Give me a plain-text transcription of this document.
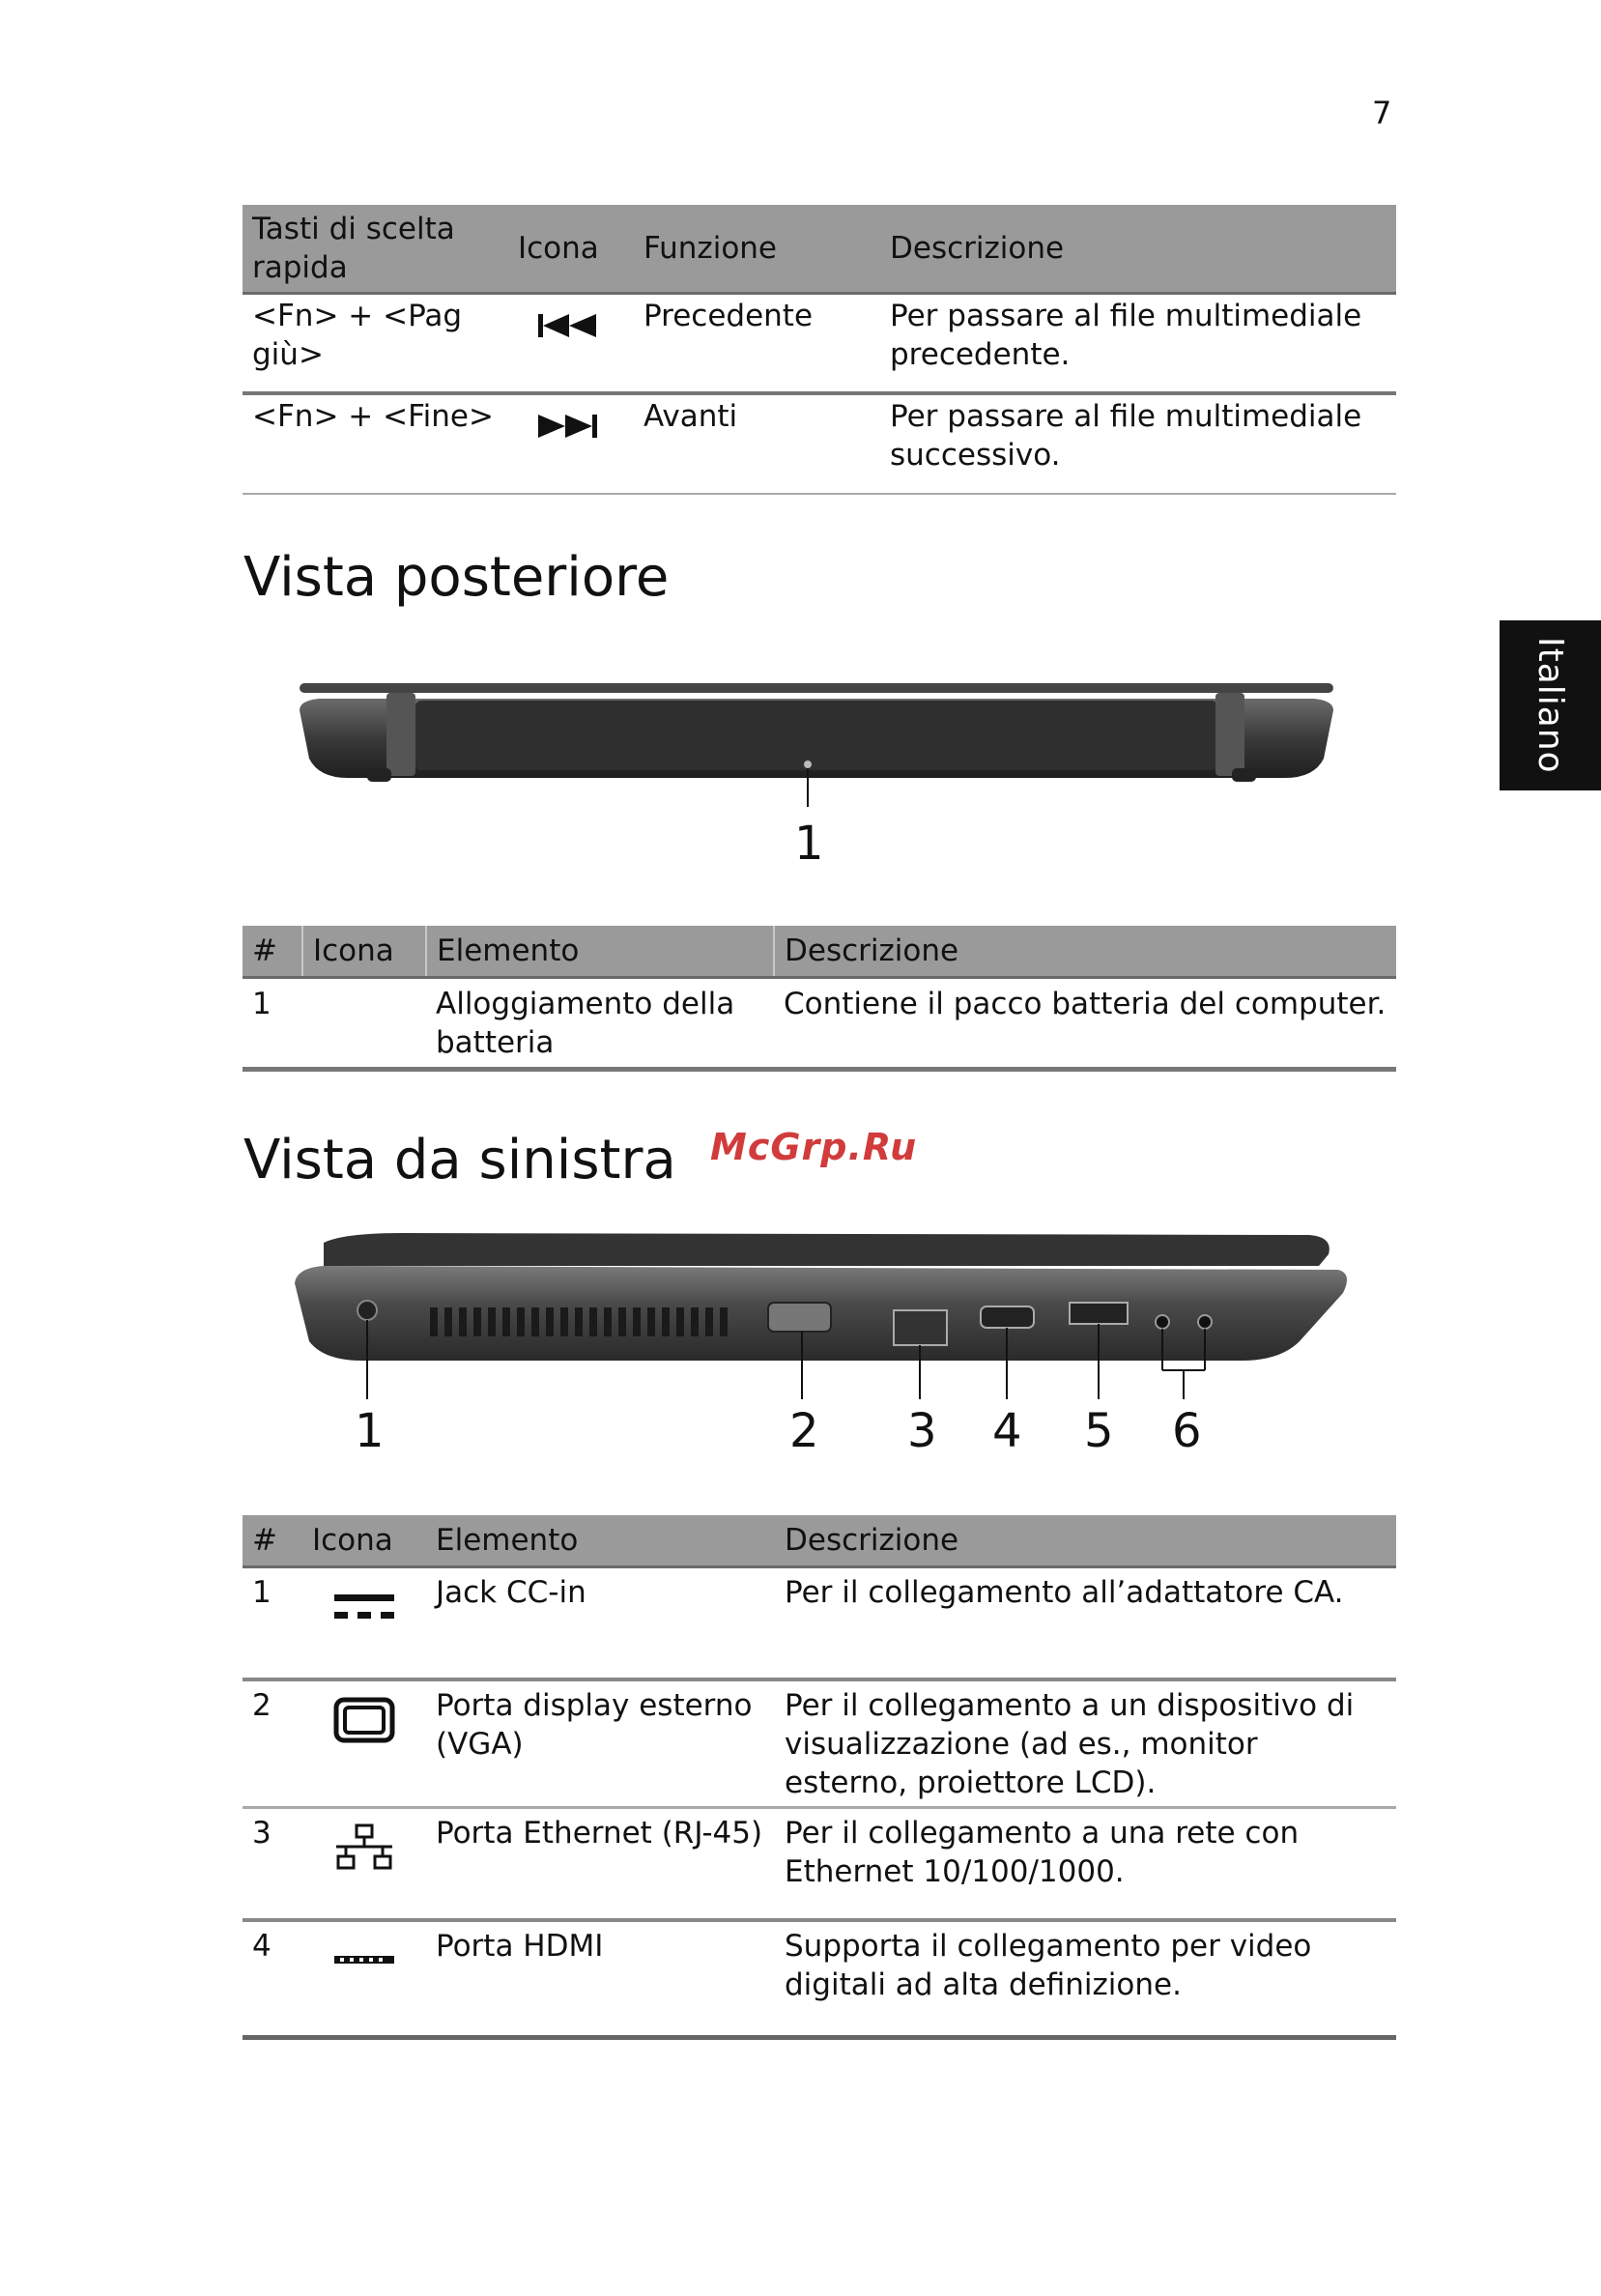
7
Italiano
Tasti di scelta rapida	Icona	Funzione	Descrizione
<Fn> + <Pag giù>		Precedente	Per passare al file multimediale precedente.
<Fn> + <Fine>		Avanti	Per passare al file multimediale successivo.
Vista posteriore
1
#	Icona	Elemento	Descrizione
1		Alloggiamento della batteria	Contiene il pacco batteria del computer.
Vista da sinistra McGrp.Ru
1	2 3 4 5 6
#	Icona	Elemento	Descrizione
1		Jack CC-in	Per il collegamento all’adattatore CA.
2		Porta display esterno (VGA)	Per il collegamento a un dispositivo di visualizzazione (ad es., monitor esterno, proiettore LCD).
3		Porta Ethernet (RJ-45)	Per il collegamento a una rete con Ethernet 10/100/1000.
4		Porta HDMI	Supporta il collegamento per video digitali ad alta definizione.
